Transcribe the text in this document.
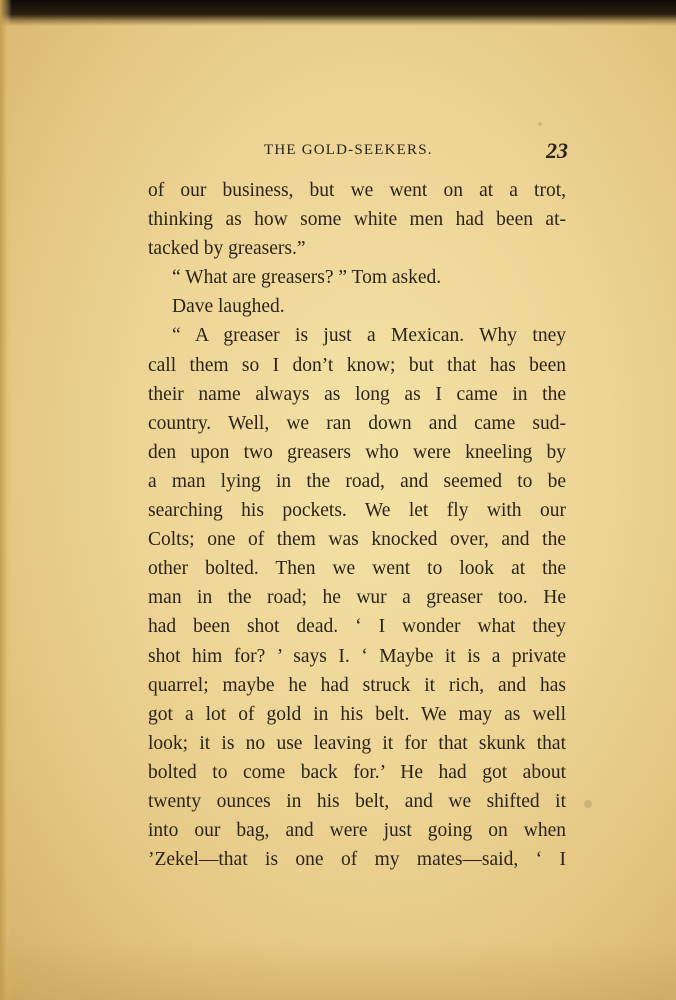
THE GOLD-SEEKERS.	23
of our business, but we went on at a trot,
thinking as how some white men had been at-
tacked by greasers.”
“ What are greasers? ” Tom asked.
Dave laughed.
“ A greaser is just a Mexican. Why tney
call them so I don’t know; but that has been
their name always as long as I came in the
country. Well, we ran down and came sud-
den upon two greasers who were kneeling by
a man lying in the road, and seemed to be
searching his pockets. We let fly with our
Colts; one of them was knocked over, and the
other bolted. Then we went to look at the
man in the road; he wur a greaser too. He
had been shot dead. ‘ I wonder what they
shot him for? ’ says I. ‘ Maybe it is a private
quarrel; maybe he had struck it rich, and has
got a lot of gold in his belt. We may as well
look; it is no use leaving it for that skunk that
bolted to come back for.’ He had got about
twenty ounces in his belt, and we shifted it
into our bag, and were just going on when
’Zekel—that is one of my mates—said, ‘ I
